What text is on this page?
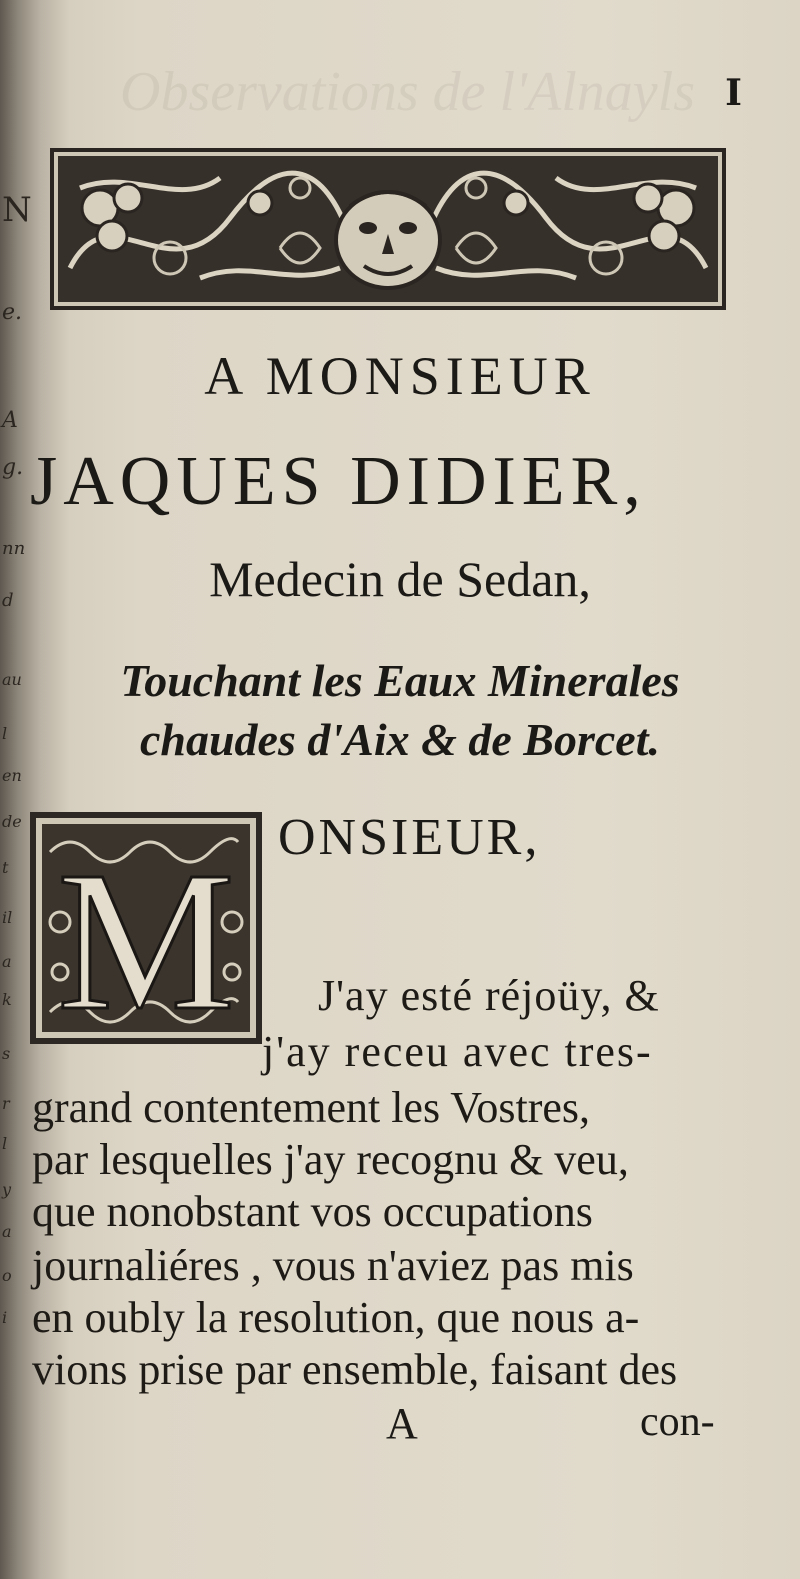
Observations de l'Alnayls
N
e.
A
g.
nn
d
au
l
en
de
t
il
a
k
s
r
l
y
a
o
i
I
A MONSIEUR
JAQUES DIDIER,
Medecin de Sedan,
Touchant les Eaux Minerales
chaudes d'Aix & de Borcet.
M ONSIEUR,
J'ay esté réjoüy, &
j'ay receu avec tres-
grand contentement les Vostres,
par lesquelles j'ay recognu & veu,
que nonobstant vos occupations
journaliéres , vous n'aviez pas mis
en oubly la resolution, que nous a-
vions prise par ensemble, faisant des
A	con-
